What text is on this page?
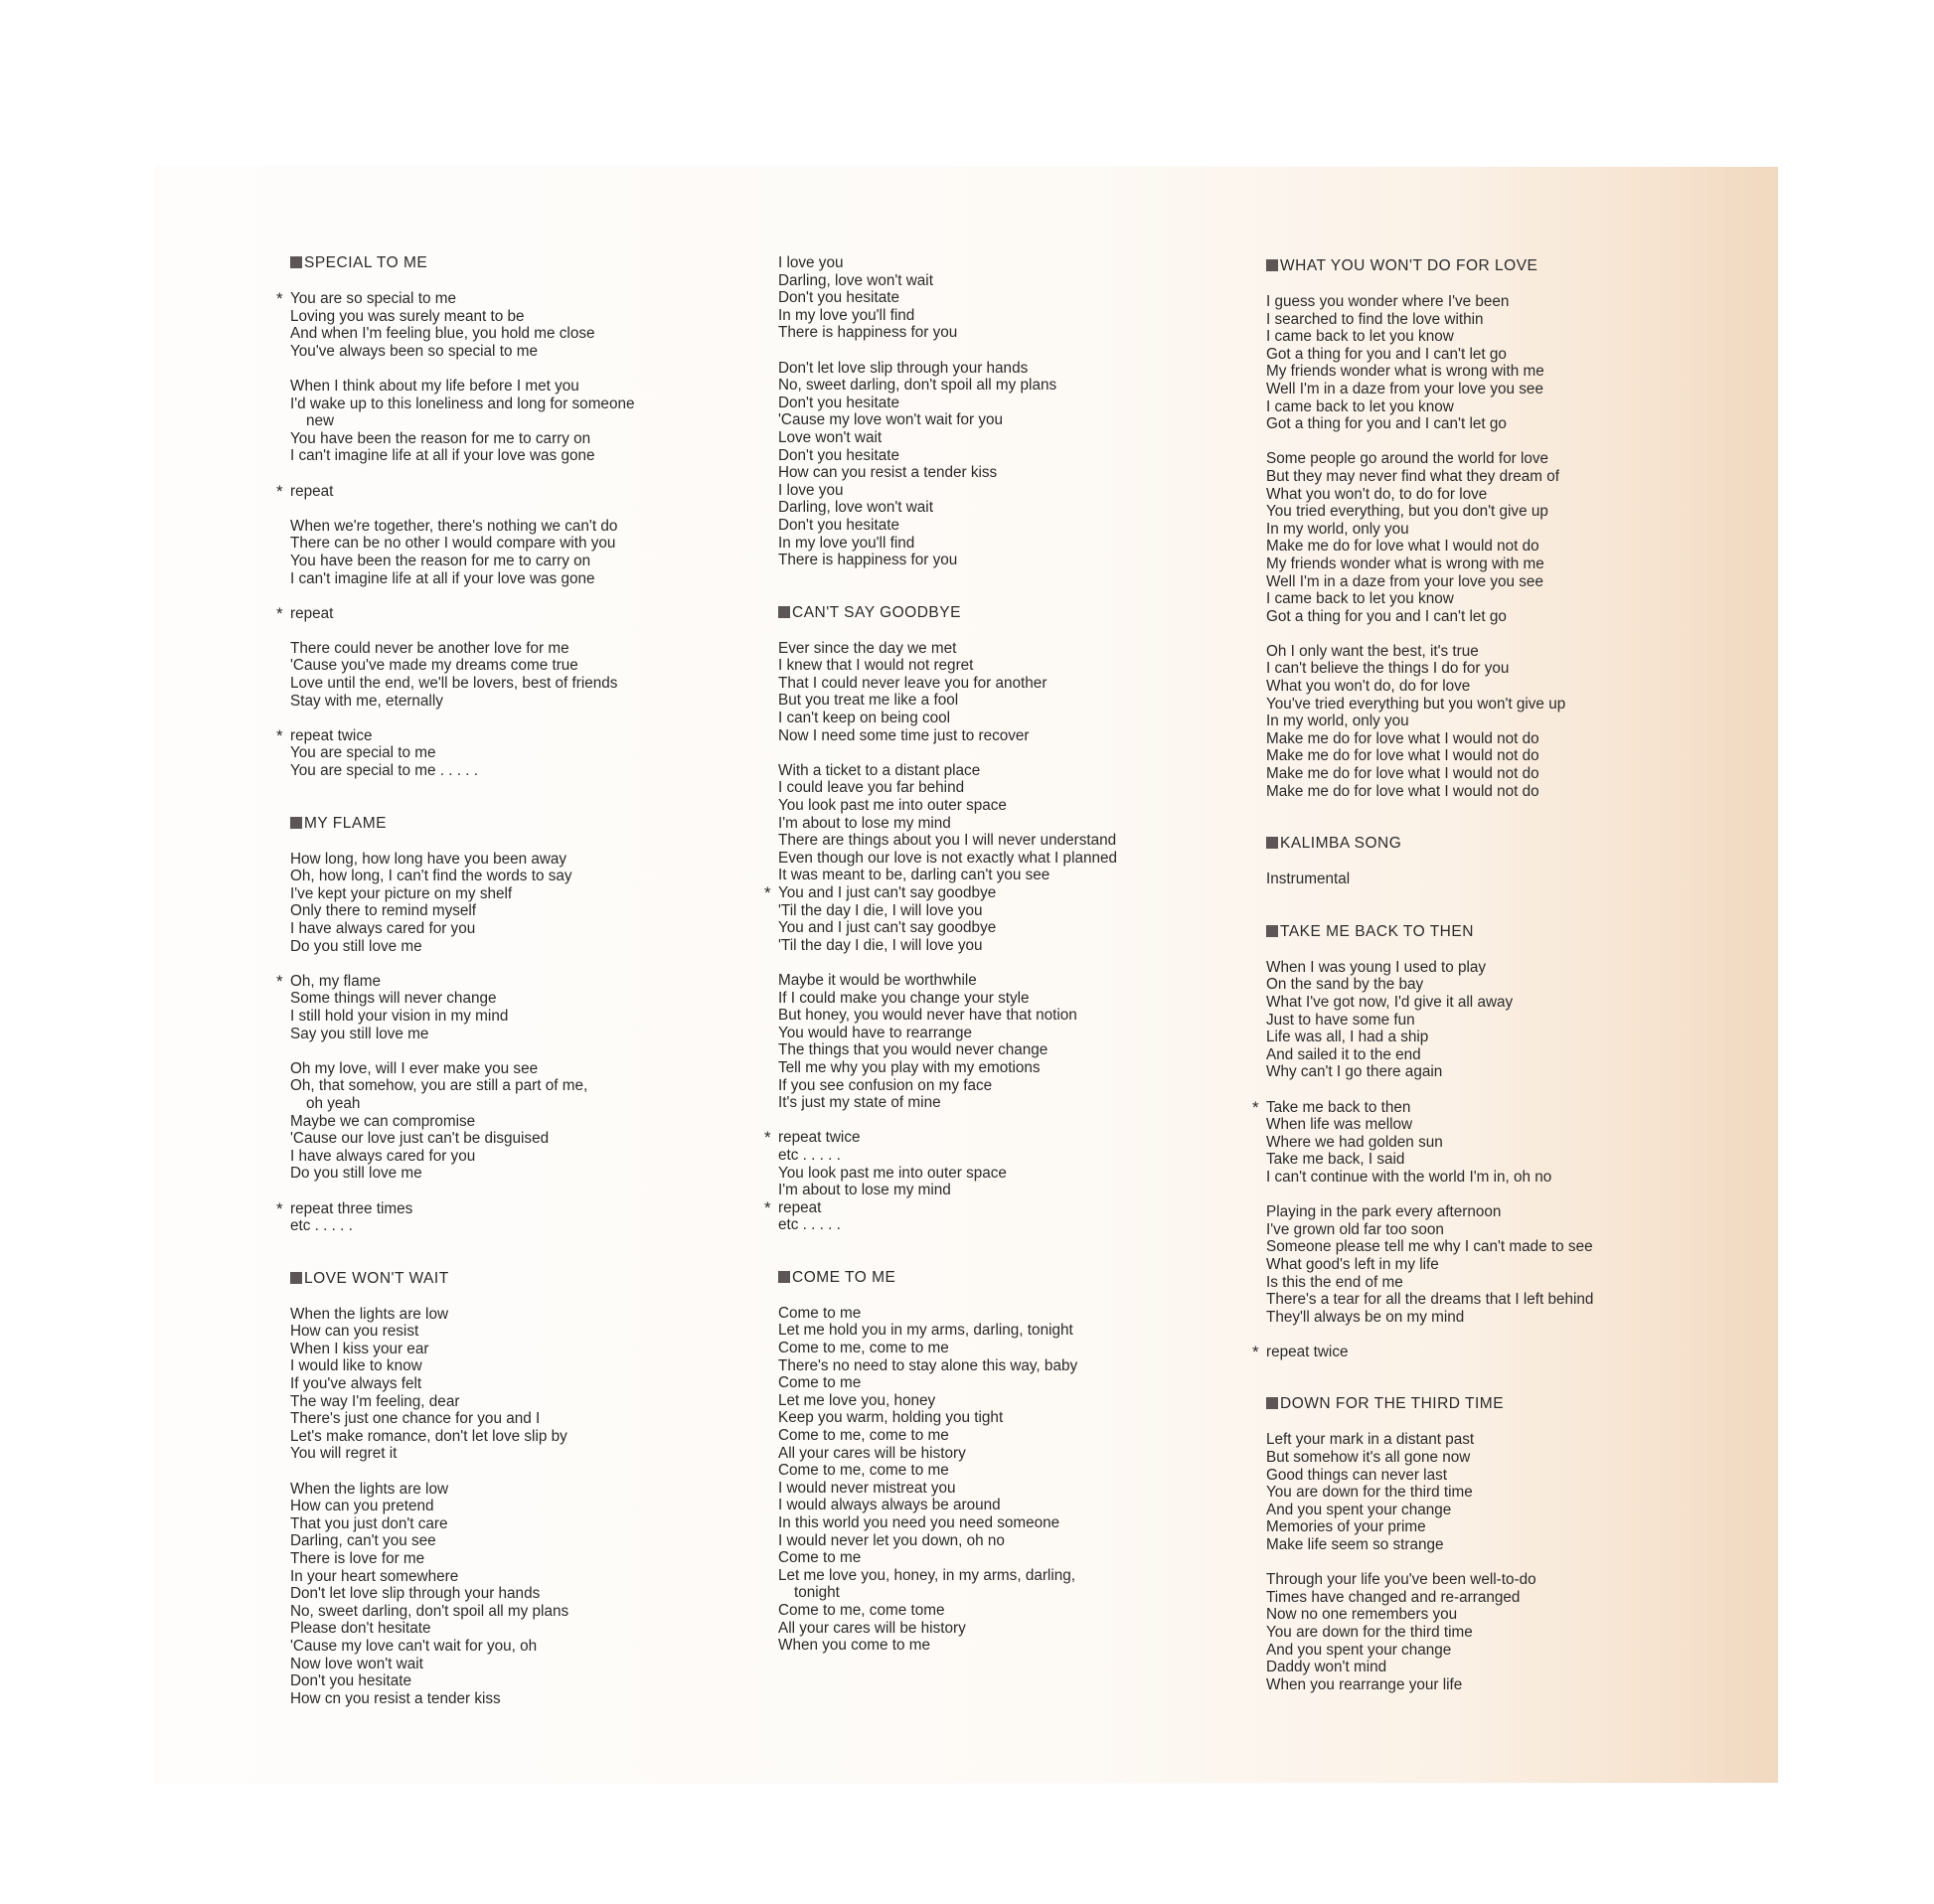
SPECIAL TO ME
* You are so special to me
Loving you was surely meant to be
And when I'm feeling blue, you hold me close
You've always been so special to me
When I think about my life before I met you
I'd wake up to this loneliness and long for someone
new
You have been the reason for me to carry on
I can't imagine life at all if your love was gone
* repeat
When we're together, there's nothing we can't do
There can be no other I would compare with you
You have been the reason for me to carry on
I can't imagine life at all if your love was gone
* repeat
There could never be another love for me
'Cause you've made my dreams come true
Love until the end, we'll be lovers, best of friends
Stay with me, eternally
* repeat twice
You are special to me
You are special to me . . . . .
MY FLAME
How long, how long have you been away
Oh, how long, I can't find the words to say
I've kept your picture on my shelf
Only there to remind myself
I have always cared for you
Do you still love me
* Oh, my flame
Some things will never change
I still hold your vision in my mind
Say you still love me
Oh my love, will I ever make you see
Oh, that somehow, you are still a part of me,
oh yeah
Maybe we can compromise
'Cause our love just can't be disguised
I have always cared for you
Do you still love me
* repeat three times
etc . . . . .
LOVE WON'T WAIT
When the lights are low
How can you resist
When I kiss your ear
I would like to know
If you've always felt
The way I'm feeling, dear
There's just one chance for you and I
Let's make romance, don't let love slip by
You will regret it
When the lights are low
How can you pretend
That you just don't care
Darling, can't you see
There is love for me
In your heart somewhere
Don't let love slip through your hands
No, sweet darling, don't spoil all my plans
Please don't hesitate
'Cause my love can't wait for you, oh
Now love won't wait
Don't you hesitate
How cn you resist a tender kiss
I love you
Darling, love won't wait
Don't you hesitate
In my love you'll find
There is happiness for you
Don't let love slip through your hands
No, sweet darling, don't spoil all my plans
Don't you hesitate
'Cause my love won't wait for you
Love won't wait
Don't you hesitate
How can you resist a tender kiss
I love you
Darling, love won't wait
Don't you hesitate
In my love you'll find
There is happiness for you
CAN'T SAY GOODBYE
Ever since the day we met
I knew that I would not regret
That I could never leave you for another
But you treat me like a fool
I can't keep on being cool
Now I need some time just to recover
With a ticket to a distant place
I could leave you far behind
You look past me into outer space
I'm about to lose my mind
There are things about you I will never understand
Even though our love is not exactly what I planned
It was meant to be, darling can't you see
* You and I just can't say goodbye
'Til the day I die, I will love you
You and I just can't say goodbye
'Til the day I die, I will love you
Maybe it would be worthwhile
If I could make you change your style
But honey, you would never have that notion
You would have to rearrange
The things that you would never change
Tell me why you play with my emotions
If you see confusion on my face
It's just my state of mine
* repeat twice
etc . . . . .
You look past me into outer space
I'm about to lose my mind
* repeat
etc . . . . .
COME TO ME
Come to me
Let me hold you in my arms, darling, tonight
Come to me, come to me
There's no need to stay alone this way, baby
Come to me
Let me love you, honey
Keep you warm, holding you tight
Come to me, come to me
All your cares will be history
Come to me, come to me
I would never mistreat you
I would always always be around
In this world you need you need someone
I would never let you down, oh no
Come to me
Let me love you, honey, in my arms, darling,
tonight
Come to me, come tome
All your cares will be history
When you come to me
WHAT YOU WON'T DO FOR LOVE
I guess you wonder where I've been
I searched to find the love within
I came back to let you know
Got a thing for you and I can't let go
My friends wonder what is wrong with me
Well I'm in a daze from your love you see
I came back to let you know
Got a thing for you and I can't let go
Some people go around the world for love
But they may never find what they dream of
What you won't do, to do for love
You tried everything, but you don't give up
In my world, only you
Make me do for love what I would not do
My friends wonder what is wrong with me
Well I'm in a daze from your love you see
I came back to let you know
Got a thing for you and I can't let go
Oh I only want the best, it's true
I can't believe the things I do for you
What you won't do, do for love
You've tried everything but you won't give up
In my world, only you
Make me do for love what I would not do
Make me do for love what I would not do
Make me do for love what I would not do
Make me do for love what I would not do
KALIMBA SONG
Instrumental
TAKE ME BACK TO THEN
When I was young I used to play
On the sand by the bay
What I've got now, I'd give it all away
Just to have some fun
Life was all, I had a ship
And sailed it to the end
Why can't I go there again
* Take me back to then
When life was mellow
Where we had golden sun
Take me back, I said
I can't continue with the world I'm in, oh no
Playing in the park every afternoon
I've grown old far too soon
Someone please tell me why I can't made to see
What good's left in my life
Is this the end of me
There's a tear for all the dreams that I left behind
They'll always be on my mind
* repeat twice
DOWN FOR THE THIRD TIME
Left your mark in a distant past
But somehow it's all gone now
Good things can never last
You are down for the third time
And you spent your change
Memories of your prime
Make life seem so strange
Through your life you've been well-to-do
Times have changed and re-arranged
Now no one remembers you
You are down for the third time
And you spent your change
Daddy won't mind
When you rearrange your life
